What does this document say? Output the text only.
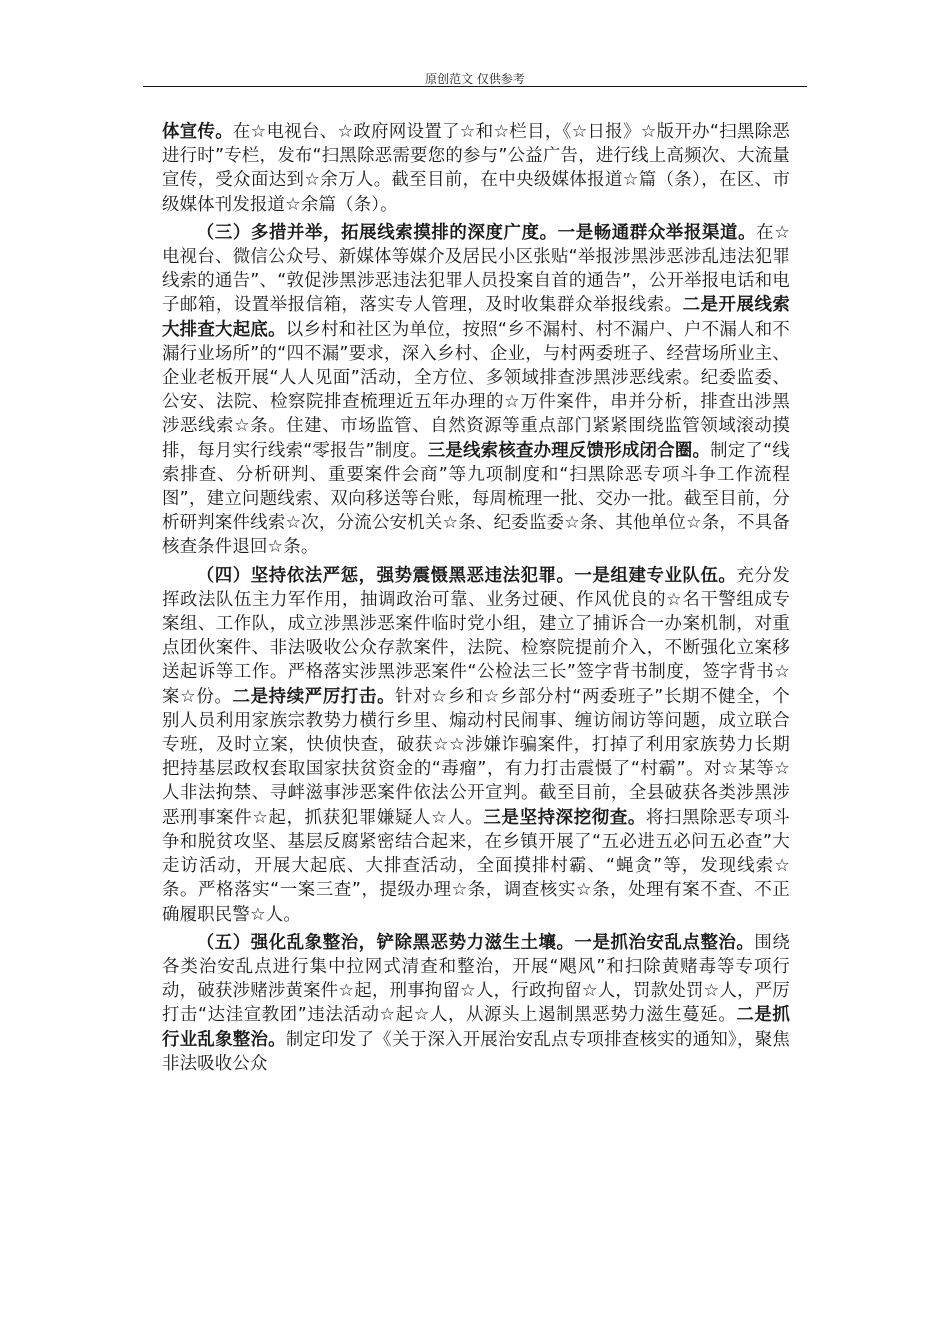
原创范文 仅供参考

体宣传。在☆电视台、☆政府网设置了☆和☆栏目，《☆日报》☆版开办“扫黑除恶进行时”专栏，发布“扫黑除恶需要您的参与”公益广告，进行线上高频次、大流量宣传，受众面达到☆余万人。截至目前，在中央级媒体报道☆篇（条），在区、市级媒体刊发报道☆余篇（条）。

（三）多措并举，拓展线索摸排的深度广度。一是畅通群众举报渠道。在☆电视台、微信公众号、新媒体等媒介及居民小区张贴“举报涉黑涉恶涉乱违法犯罪线索的通告”、“敦促涉黑涉恶违法犯罪人员投案自首的通告”，公开举报电话和电子邮箱，设置举报信箱，落实专人管理，及时收集群众举报线索。二是开展线索大排查大起底。以乡村和社区为单位，按照“乡不漏村、村不漏户、户不漏人和不漏行业场所”的“四不漏”要求，深入乡村、企业，与村两委班子、经营场所业主、企业老板开展“人人见面”活动，全方位、多领域排查涉黑涉恶线索。纪委监委、公安、法院、检察院排查梳理近五年办理的☆万件案件，串并分析，排查出涉黑涉恶线索☆条。住建、市场监管、自然资源等重点部门紧紧围绕监管领域滚动摸排，每月实行线索“零报告”制度。三是线索核查办理反馈形成闭合圈。制定了“线索排查、分析研判、重要案件会商”等九项制度和“扫黑除恶专项斗争工作流程图”，建立问题线索、双向移送等台账，每周梳理一批、交办一批。截至目前，分析研判案件线索☆次，分流公安机关☆条、纪委监委☆条、其他单位☆条，不具备核查条件退回☆条。

（四）坚持依法严惩，强势震慑黑恶违法犯罪。一是组建专业队伍。充分发挥政法队伍主力军作用，抽调政治可靠、业务过硬、作风优良的☆名干警组成专案组、工作队，成立涉黑涉恶案件临时党小组，建立了捕诉合一办案机制，对重点团伙案件、非法吸收公众存款案件，法院、检察院提前介入，不断强化立案移送起诉等工作。严格落实涉黑涉恶案件“公检法三长”签字背书制度，签字背书☆案☆份。二是持续严厉打击。针对☆乡和☆乡部分村“两委班子”长期不健全，个别人员利用家族宗教势力横行乡里、煽动村民闹事、缠访闹访等问题，成立联合专班，及时立案，快侦快查，破获☆☆涉嫌诈骗案件，打掉了利用家族势力长期把持基层政权套取国家扶贫资金的“毒瘤”，有力打击震慑了“村霸”。对☆某等☆人非法拘禁、寻衅滋事涉恶案件依法公开宣判。截至目前，全县破获各类涉黑涉恶刑事案件☆起，抓获犯罪嫌疑人☆人。三是坚持深挖彻查。将扫黑除恶专项斗争和脱贫攻坚、基层反腐紧密结合起来，在乡镇开展了“五必进五必问五必查”大走访活动，开展大起底、大排查活动，全面摸排村霸、“蝇贪”等，发现线索☆条。严格落实“一案三查”，提级办理☆条，调查核实☆条，处理有案不查、不正确履职民警☆人。

（五）强化乱象整治，铲除黑恶势力滋生土壤。一是抓治安乱点整治。围绕各类治安乱点进行集中拉网式清查和整治，开展“飓风”和扫除黄赌毒等专项行动，破获涉赌涉黄案件☆起，刑事拘留☆人，行政拘留☆人，罚款处罚☆人，严厉打击“达洼宣教团”违法活动☆起☆人，从源头上遏制黑恶势力滋生蔓延。二是抓行业乱象整治。制定印发了《关于深入开展治安乱点专项排查核实的通知》，聚焦非法吸收公众
